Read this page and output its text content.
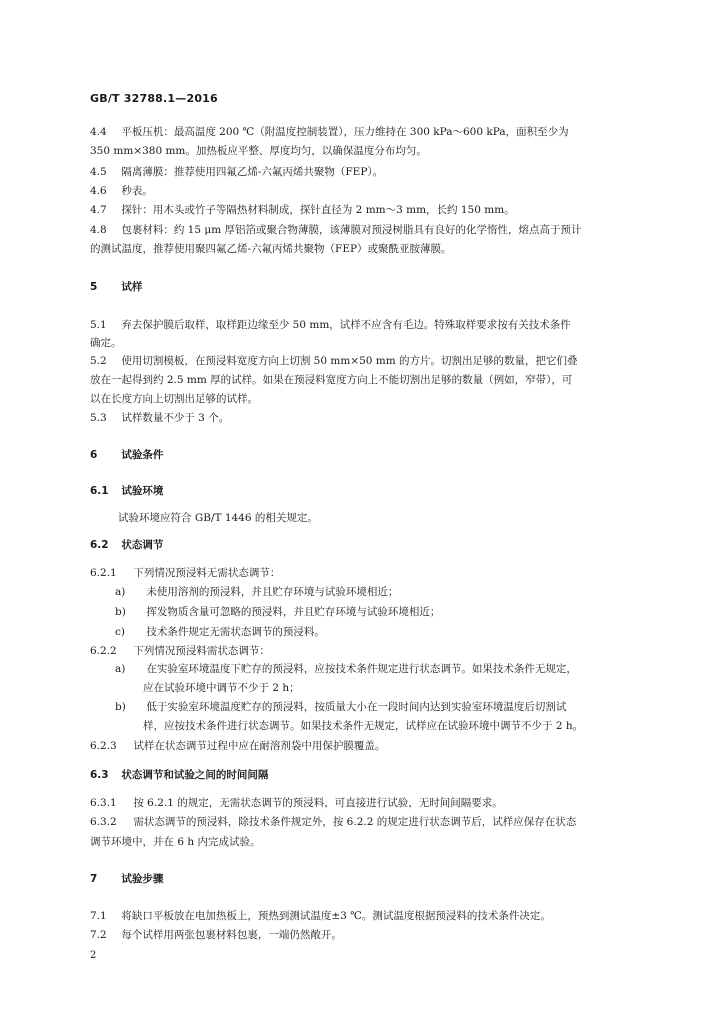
GB/T 32788.1—2016
4.4 平板压机：最高温度 200 ℃（附温度控制装置），压力维持在 300 kPa～600 kPa，面积至少为
350 mm×380 mm。加热板应平整、厚度均匀，以确保温度分布均匀。
4.5 隔离薄膜：推荐使用四氟乙烯-六氟丙烯共聚物（FEP）。
4.6 秒表。
4.7 探针：用木头或竹子等隔热材料制成，探针直径为 2 mm～3 mm，长约 150 mm。
4.8 包裹材料：约 15 μm 厚铝箔或聚合物薄膜，该薄膜对预浸树脂具有良好的化学惰性，熔点高于预计
的测试温度，推荐使用聚四氟乙烯-六氟丙烯共聚物（FEP）或聚酰亚胺薄膜。
5 试样
5.1 弃去保护膜后取样，取样距边缘至少 50 mm，试样不应含有毛边。特殊取样要求按有关技术条件
确定。
5.2 使用切割模板，在预浸料宽度方向上切割 50 mm×50 mm 的方片。切割出足够的数量，把它们叠
放在一起得到约 2.5 mm 厚的试样。如果在预浸料宽度方向上不能切割出足够的数量（例如，窄带），可
以在长度方向上切割出足够的试样。
5.3 试样数量不少于 3 个。
6 试验条件
6.1 试验环境
试验环境应符合 GB/T 1446 的相关规定。
6.2 状态调节
6.2.1 下列情况预浸料无需状态调节：
a) 未使用溶剂的预浸料，并且贮存环境与试验环境相近；
b) 挥发物质含量可忽略的预浸料，并且贮存环境与试验环境相近；
c) 技术条件规定无需状态调节的预浸料。
6.2.2 下列情况预浸料需状态调节：
a) 在实验室环境温度下贮存的预浸料，应按技术条件规定进行状态调节。如果技术条件无规定，
应在试验环境中调节不少于 2 h；
b) 低于实验室环境温度贮存的预浸料，按质量大小在一段时间内达到实验室环境温度后切割试
样，应按技术条件进行状态调节。如果技术条件无规定，试样应在试验环境中调节不少于 2 h。
6.2.3 试样在状态调节过程中应在耐溶剂袋中用保护膜覆盖。
6.3 状态调节和试验之间的时间间隔
6.3.1 按 6.2.1 的规定，无需状态调节的预浸料，可直接进行试验，无时间间隔要求。
6.3.2 需状态调节的预浸料，除技术条件规定外，按 6.2.2 的规定进行状态调节后，试样应保存在状态
调节环境中，并在 6 h 内完成试验。
7 试验步骤
7.1 将缺口平板放在电加热板上，预热到测试温度±3 ℃。测试温度根据预浸料的技术条件决定。
7.2 每个试样用两张包裹材料包裹，一端仍然敞开。
2
